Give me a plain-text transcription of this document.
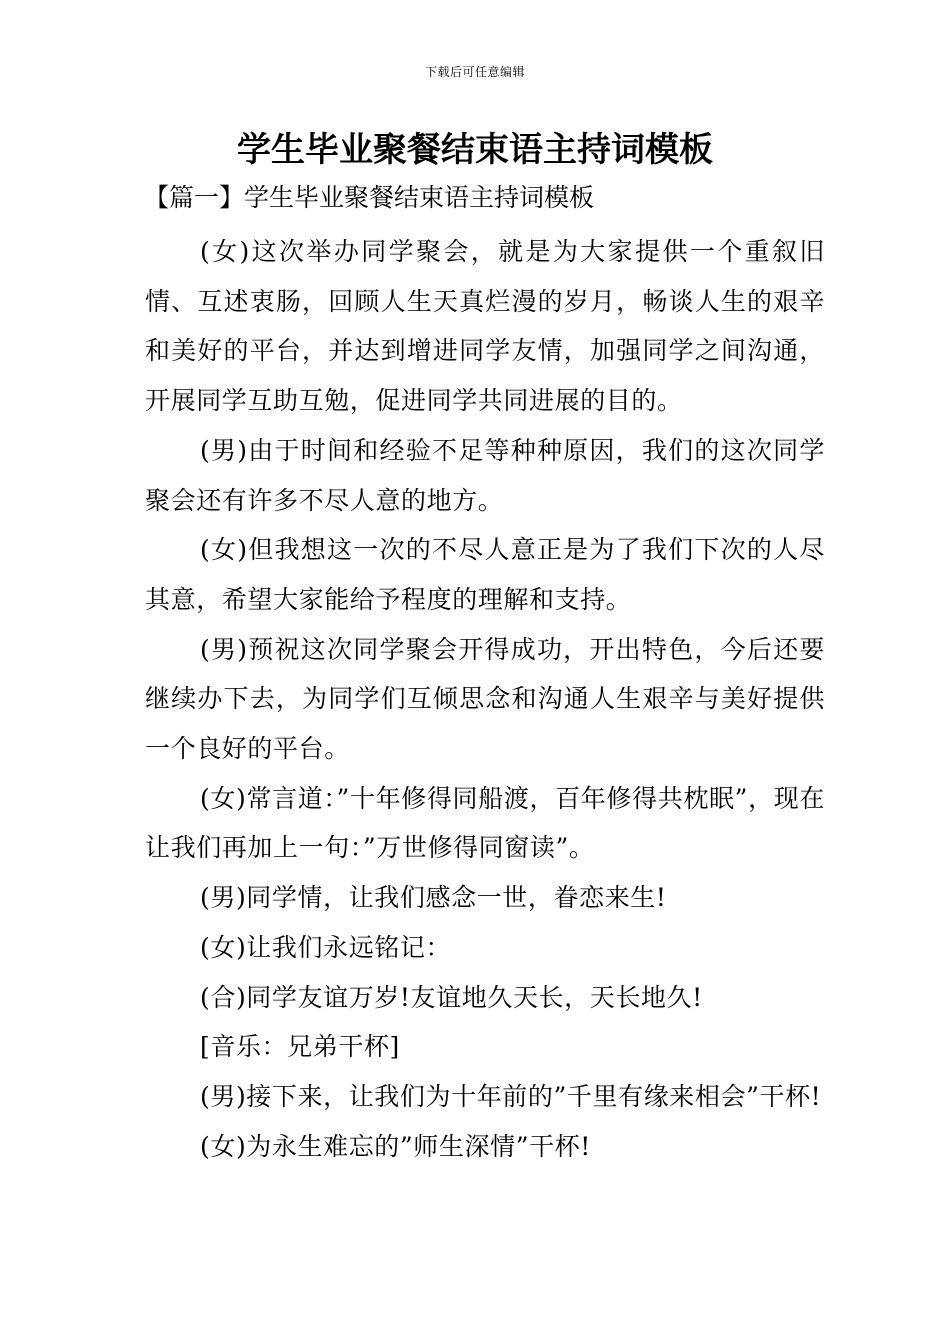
下载后可任意编辑
学生毕业聚餐结束语主持词模板
【篇一】学生毕业聚餐结束语主持词模板

(女)这次举办同学聚会，就是为大家提供一个重叙旧情、互述衷肠，回顾人生天真烂漫的岁月，畅谈人生的艰辛和美好的平台，并达到增进同学友情，加强同学之间沟通，开展同学互助互勉，促进同学共同进展的目的。

(男)由于时间和经验不足等种种原因，我们的这次同学聚会还有许多不尽人意的地方。

(女)但我想这一次的不尽人意正是为了我们下次的人尽其意，希望大家能给予程度的理解和支持。

(男)预祝这次同学聚会开得成功，开出特色，今后还要继续办下去，为同学们互倾思念和沟通人生艰辛与美好提供一个良好的平台。

(女)常言道：”十年修得同船渡，百年修得共枕眠”，现在让我们再加上一句：”万世修得同窗读”。

(男)同学情，让我们感念一世，眷恋来生!

(女)让我们永远铭记：

(合)同学友谊万岁!友谊地久天长，天长地久!

[音乐：兄弟干杯]

(男)接下来，让我们为十年前的”千里有缘来相会”干杯!

(女)为永生难忘的”师生深情”干杯!
